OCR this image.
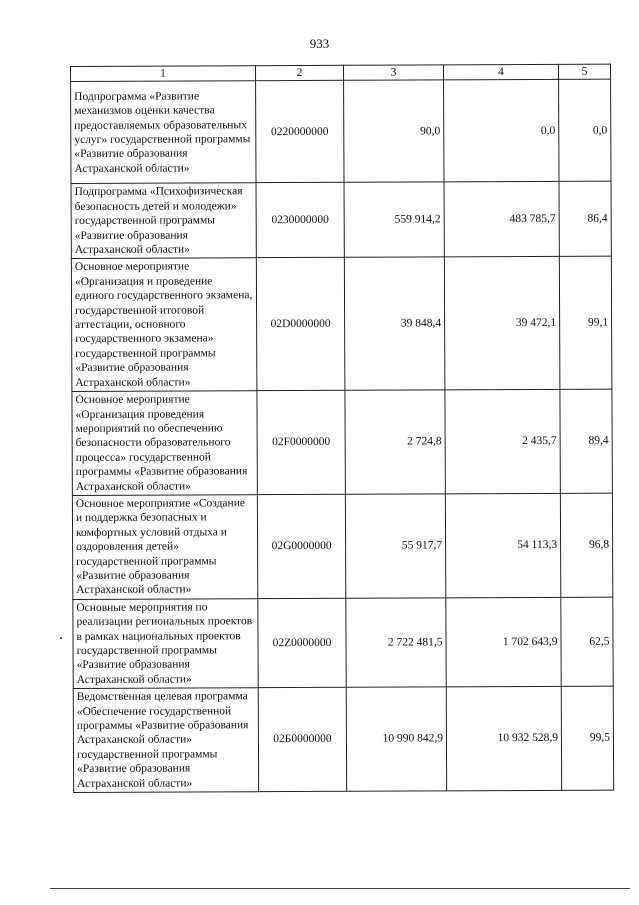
933
1	2	3	4	5
Подпрограмма «Развитие механизмов оценки качества предоставляемых образовательных услуг» государственной программы «Развитие образования Астраханской области»	0220000000	90,0	0,0	0,0
Подпрограмма «Психофизическая безопасность детей и молодежи» государственной программы «Развитие образования Астраханской области»	0230000000	559 914,2	483 785,7	86,4
Основное мероприятие «Организация и проведение единого государственного экзамена, государственной итоговой аттестации, основного государственного экзамена» государственной программы «Развитие образования Астраханской области»	02D0000000	39 848,4	39 472,1	99,1
Основное мероприятие «Организация проведения мероприятий по обеспечению безопасности образовательного процесса» государственной программы «Развитие образования Астраханской области»	02F0000000	2 724,8	2 435,7	89,4
Основное мероприятие «Создание и поддержка безопасных и комфортных условий отдыха и оздоровления детей» государственной программы «Развитие образования Астраханской области»	02G0000000	55 917,7	54 113,3	96,8
Основные мероприятия по реализации региональных проектов в рамках национальных проектов государственной программы «Развитие образования Астраханской области»	02Z0000000	2 722 481,5	1 702 643,9	62,5
Ведомственная целевая программа «Обеспечение государственной программы «Развитие образования Астраханской области» государственной программы «Развитие образования Астраханской области»	02Б0000000	10 990 842,9	10 932 528,9	99,5
